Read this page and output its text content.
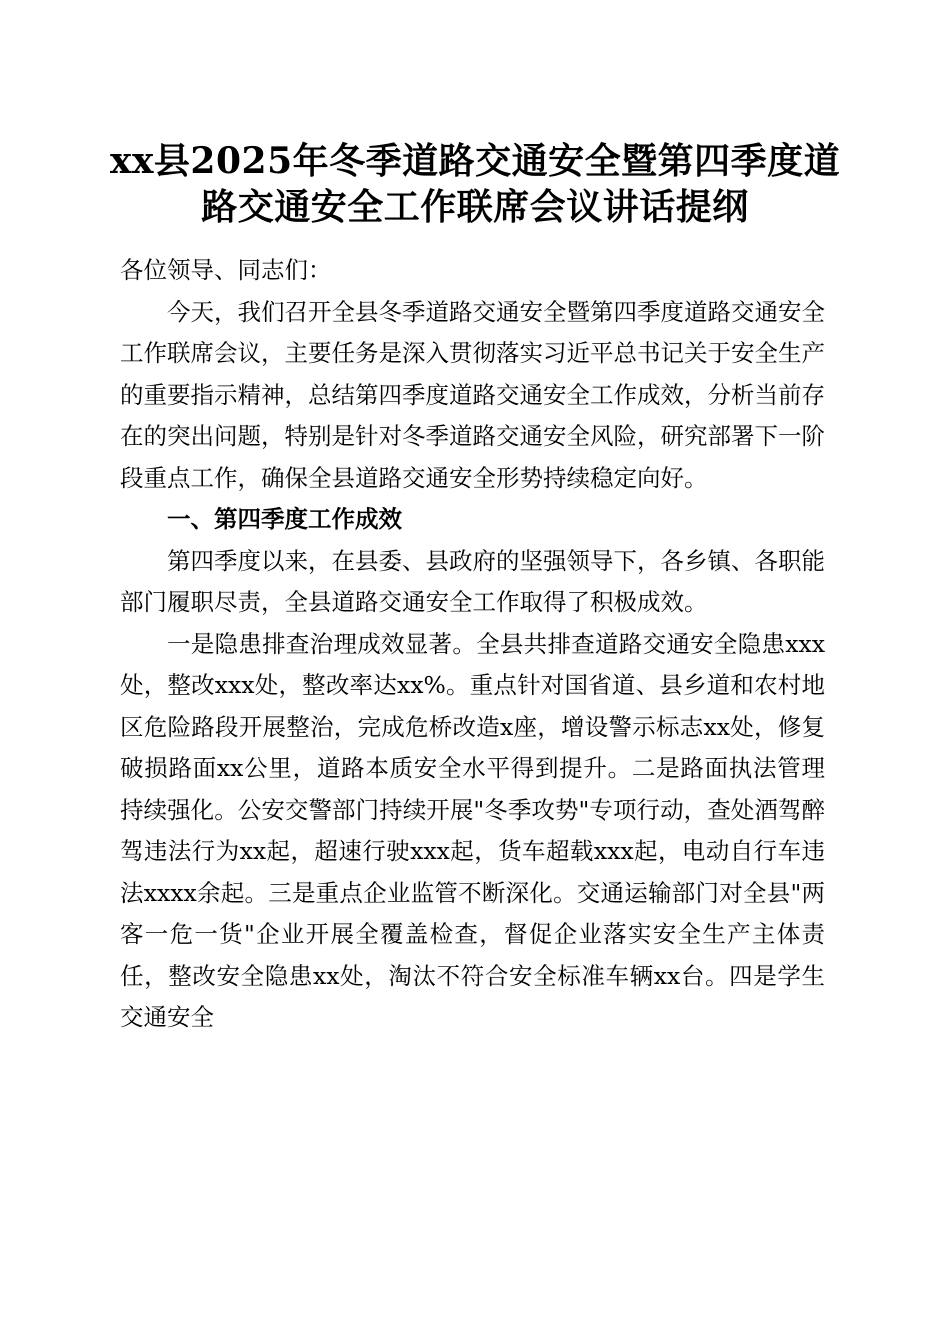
xx县2025年冬季道路交通安全暨第四季度道
路交通安全工作联席会议讲话提纲

各位领导、同志们：

今天，我们召开全县冬季道路交通安全暨第四季度道路交通安全工作联席会议，主要任务是深入贯彻落实习近平总书记关于安全生产的重要指示精神，总结第四季度道路交通安全工作成效，分析当前存在的突出问题，特别是针对冬季道路交通安全风险，研究部署下一阶段重点工作，确保全县道路交通安全形势持续稳定向好。

一、第四季度工作成效

第四季度以来，在县委、县政府的坚强领导下，各乡镇、各职能部门履职尽责，全县道路交通安全工作取得了积极成效。

一是隐患排查治理成效显著。全县共排查道路交通安全隐患xxx处，整改xxx处，整改率达xx%。重点针对国省道、县乡道和农村地区危险路段开展整治，完成危桥改造x座，增设警示标志xx处，修复破损路面xx公里，道路本质安全水平得到提升。二是路面执法管理持续强化。公安交警部门持续开展"冬季攻势"专项行动，查处酒驾醉驾违法行为xx起，超速行驶xxx起，货车超载xxx起，电动自行车违法xxxx余起。三是重点企业监管不断深化。交通运输部门对全县"两客一危一货"企业开展全覆盖检查，督促企业落实安全生产主体责任，整改安全隐患xx处，淘汰不符合安全标准车辆xx台。四是学生交通安全
